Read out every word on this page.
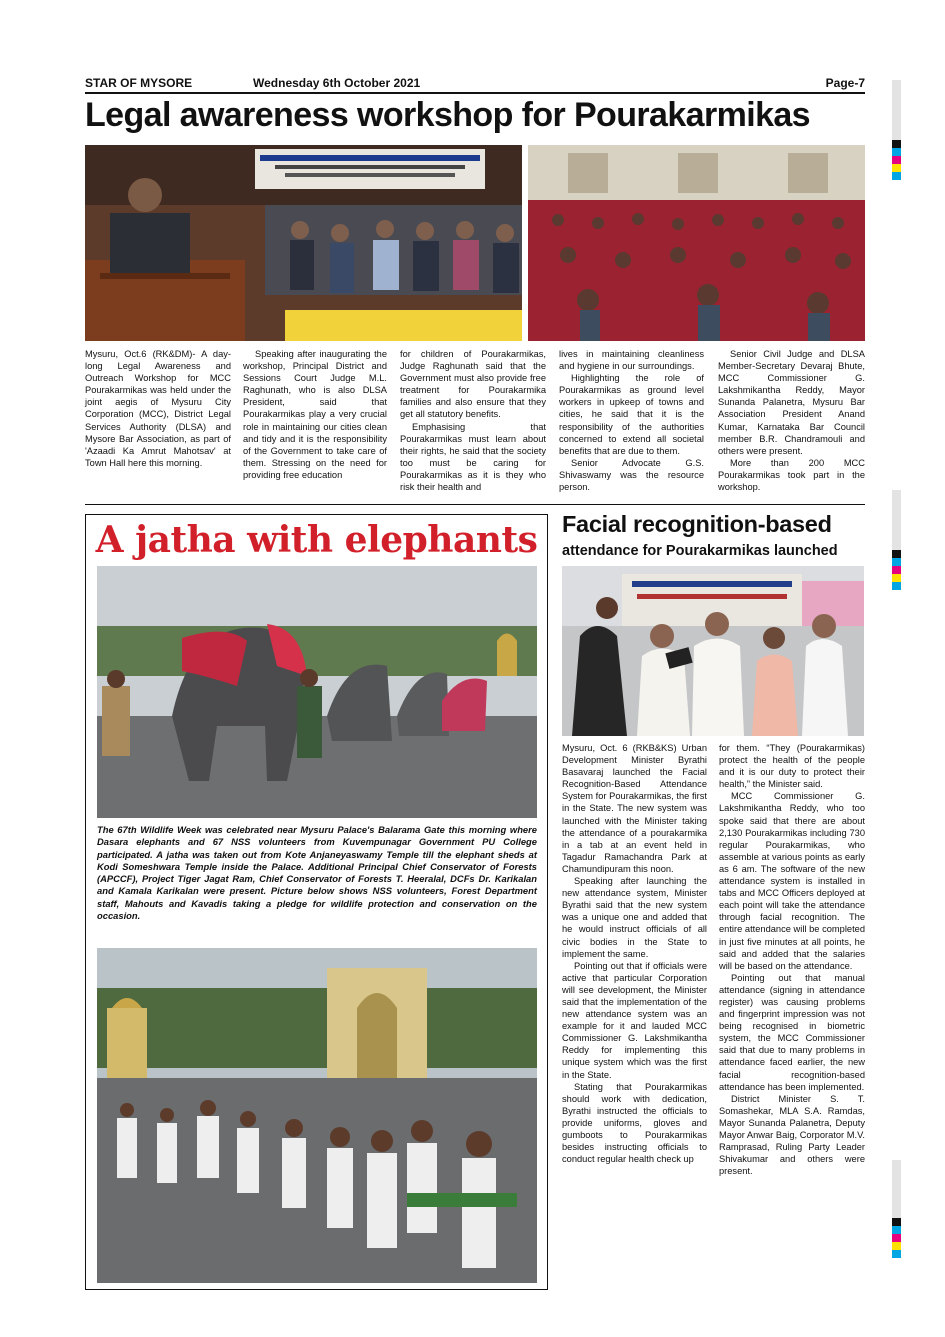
STAR OF MYSORE	Wednesday 6th October 2021	Page-7
Legal awareness workshop for Pourakarmikas

Mysuru, Oct.6 (RK&DM)- A day-long Legal Awareness and Outreach Workshop for MCC Pourakarmikas was held under the joint aegis of Mysuru City Corporation (MCC), District Legal Services Authority (DLSA) and Mysore Bar Association, as part of 'Azaadi Ka Amrut Mahotsav' at Town Hall here this morning.

Speaking after inaugurating the workshop, Principal District and Sessions Court Judge M.L. Raghunath, who is also DLSA President, said that Pourakarmikas play a very crucial role in maintaining our cities clean and tidy and it is the responsibility of the Government to take care of them. Stressing on the need for providing free education

for children of Pourakarmikas, Judge Raghunath said that the Government must also provide free treatment for Pourakarmika families and also ensure that they get all statutory benefits.

Emphasising that Pourakarmikas must learn about their rights, he said that the society too must be caring for Pourakarmikas as it is they who risk their health and

lives in maintaining cleanliness and hygiene in our surroundings.

Highlighting the role of Pourakarmikas as ground level workers in upkeep of towns and cities, he said that it is the responsibility of the authorities concerned to extend all societal benefits that are due to them.

Senior Advocate G.S. Shivaswamy was the resource person.

Senior Civil Judge and DLSA Member-Secretary Devaraj Bhute, MCC Commissioner G. Lakshmikantha Reddy, Mayor Sunanda Palanetra, Mysuru Bar Association President Anand Kumar, Karnataka Bar Council member B.R. Chandramouli and others were present.

More than 200 MCC Pourakarmikas took part in the workshop.

A jatha with elephants
The 67th Wildlife Week was celebrated near Mysuru Palace's Balarama Gate this morning where Dasara elephants and 67 NSS volunteers from Kuvempunagar Government PU College participated. A jatha was taken out from Kote Anjaneyaswamy Temple till the elephant sheds at Kodi Someshwara Temple inside the Palace. Additional Principal Chief Conservator of Forests (APCCF), Project Tiger Jagat Ram, Chief Conservator of Forests T. Heeralal, DCFs Dr. Karikalan and Kamala Karikalan were present. Picture below shows NSS volunteers, Forest Department staff, Mahouts and Kavadis taking a pledge for wildlife protection and conservation on the occasion.
Facial recognition-based
attendance for Pourakarmikas launched

Mysuru, Oct. 6 (RKB&KS) Urban Development Minister Byrathi Basavaraj launched the Facial Recognition-Based Attendance System for Pourakarmikas, the first in the State. The new system was launched with the Minister taking the attendance of a pourakarmika in a tab at an event held in Tagadur Ramachandra Park at Chamundipuram this noon.

Speaking after launching the new attendance system, Minister Byrathi said that the new system was a unique one and added that he would instruct officials of all civic bodies in the State to implement the same.

Pointing out that if officials were active that particular Corporation will see development, the Minister said that the implementation of the new attendance system was an example for it and lauded MCC Commissioner G. Lakshmikantha Reddy for implementing this unique system which was the first in the State.

Stating that Pourakarmikas should work with dedication, Byrathi instructed the officials to provide uniforms, gloves and gumboots to Pourakarmikas besides instructing officials to conduct regular health check up

for them. “They (Pourakarmikas) protect the health of the people and it is our duty to protect their health,” the Minister said.

MCC Commissioner G. Lakshmikantha Reddy, who too spoke said that there are about 2,130 Pourakarmikas including 730 regular Pourakarmikas, who assemble at various points as early as 6 am. The software of the new attendance system is installed in tabs and MCC Officers deployed at each point will take the attendance through facial recognition. The entire attendance will be completed in just five minutes at all points, he said and added that the salaries will be based on the attendance.

Pointing out that manual attendance (signing in attendance register) was causing problems and fingerprint impression was not being recognised in biometric system, the MCC Commissioner said that due to many problems in attendance faced earlier, the new facial recognition-based attendance has been implemented.

District Minister S. T. Somashekar, MLA S.A. Ramdas, Mayor Sunanda Palanetra, Deputy Mayor Anwar Baig, Corporator M.V. Ramprasad, Ruling Party Leader Shivakumar and others were present.
